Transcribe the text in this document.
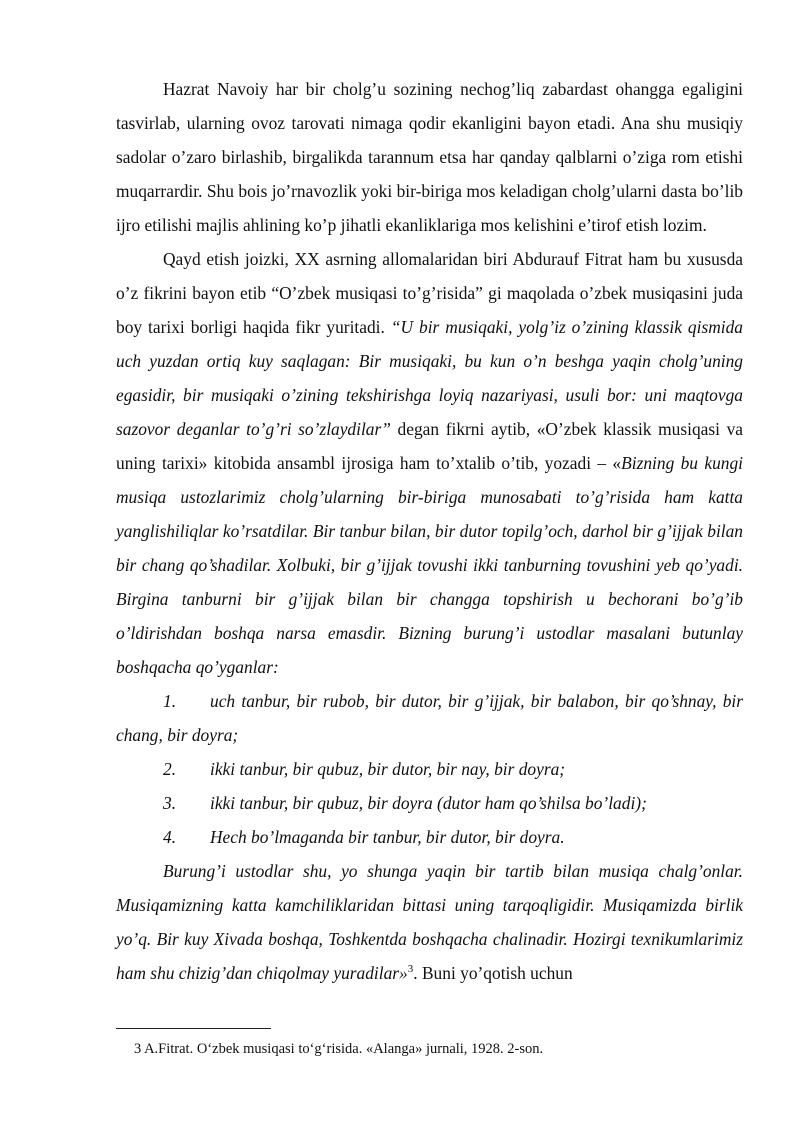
Hazrat Navoiy har bir cholg’u sozining nechog’liq zabardast ohangga egaligini tasvirlab, ularning ovoz tarovati nimaga qodir ekanligini bayon etadi. Ana shu musiqiy sadolar o’zaro birlashib, birgalikda tarannum etsa har qanday qalblarni o’ziga rom etishi muqarrardir. Shu bois jo’rnavozlik yoki bir-biriga mos keladigan cholg’ularni dasta bo’lib ijro etilishi majlis ahlining ko’p jihatli ekanliklariga mos kelishini e’tirof etish lozim.

Qayd etish joizki, XX asrning allomalaridan biri Abdurauf Fitrat ham bu xususda o’z fikrini bayon etib “O’zbek musiqasi to’g’risida” gi maqolada o’zbek musiqasini juda boy tarixi borligi haqida fikr yuritadi. “U bir musiqaki, yolg’iz o’zining klassik qismida uch yuzdan ortiq kuy saqlagan: Bir musiqaki, bu kun o’n beshga yaqin cholg’uning egasidir, bir musiqaki o’zining tekshirishga loyiq nazariyasi, usuli bor: uni maqtovga sazovor deganlar to’g’ri so’zlaydilar” degan fikrni aytib, «O’zbek klassik musiqasi va uning tarixi» kitobida ansambl ijrosiga ham to’xtalib o’tib, yozadi – «Bizning bu kungi musiqa ustozlarimiz cholg’ularning bir-biriga munosabati to’g’risida ham katta yanglishiliqlar ko’rsatdilar. Bir tanbur bilan, bir dutor topilg’och, darhol bir g’ijjak bilan bir chang qo’shadilar. Xolbuki, bir g’ijjak tovushi ikki tanburning tovushini yeb qo’yadi. Birgina tanburni bir g’ijjak bilan bir changga topshirish u bechorani bo’g’ib o’ldirishdan boshqa narsa emasdir. Bizning burung’i ustodlar masalani butunlay boshqacha qo’yganlar:

1. uch tanbur, bir rubob, bir dutor, bir g’ijjak, bir balabon, bir qo’shnay, bir chang, bir doyra;

2. ikki tanbur, bir qubuz, bir dutor, bir nay, bir doyra;

3. ikki tanbur, bir qubuz, bir doyra (dutor ham qo’shilsa bo’ladi);

4. Hech bo’lmaganda bir tanbur, bir dutor, bir doyra.

Burung’i ustodlar shu, yo shunga yaqin bir tartib bilan musiqa chalg’onlar. Musiqamizning katta kamchiliklaridan bittasi uning tarqoqligidir. Musiqamizda birlik yo’q. Bir kuy Xivada boshqa, Toshkentda boshqacha chalinadir. Hozirgi texnikumlarimiz ham shu chizig’dan chiqolmay yuradilar»$^3$. Buni yo’qotish uchun

3 A.Fitrat. O‘zbek musiqasi to‘g‘risida. «Alanga» jurnali, 1928. 2-son.
